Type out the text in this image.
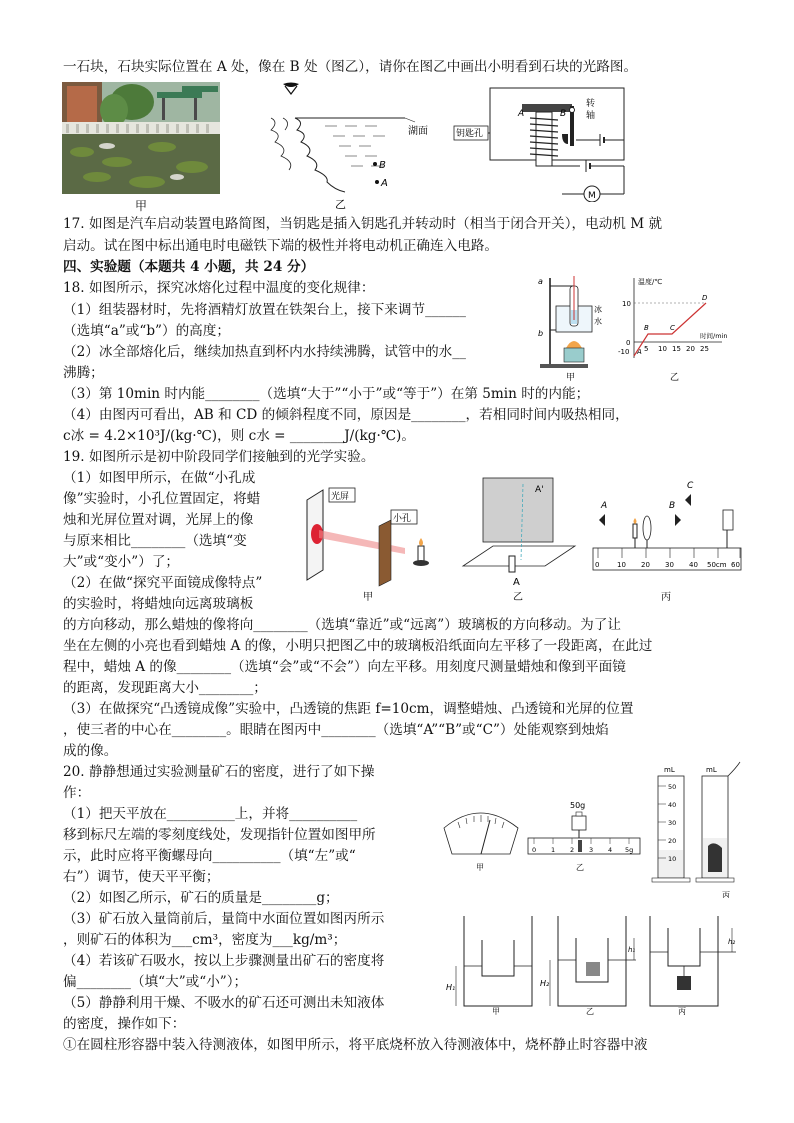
一石块，石块实际位置在 A 处，像在 B 处（图乙），请你在图乙中画出小明看到石块的光路图。
甲
湖面
B
A
乙
钥匙孔
A	B
转
轴
M
17. 如图是汽车启动装置电路简图，当钥匙是插入钥匙孔并转动时（相当于闭合开关），电动机 M 就
启动。试在图中标出通电时电磁铁下端的极性并将电动机正确连入电路。
四、实验题（本题共 4 小题，共 24 分）
18. 如图所示，探究冰熔化过程中温度的变化规律：
（1）组装器材时，先将酒精灯放置在铁架台上，接下来调节______
（选填“a”或“b”）的高度；
（2）冰全部熔化后，继续加热直到杯内水持续沸腾，试管中的水__
沸腾；
a
b
冰
水
甲
温度/℃
时间/min
10
0
-10 5 10 15 20 25
A
B	C
D
乙
（3）第 10min 时内能________（选填“大于”“小于”或“等于”）在第 5min 时的内能；
（4）由图丙可看出，AB 和 CD 的倾斜程度不同，原因是________，若相同时间内吸热相同，
c冰 = 4.2×10³J/(kg·℃)，则 c水 = ________J/(kg·℃)。
19. 如图所示是初中阶段同学们接触到的光学实验。
（1）如图甲所示，在做“小孔成
像”实验时，小孔位置固定，将蜡
烛和光屏位置对调，光屏上的像
与原来相比________（选填“变
大”或“变小”）了；
（2）在做“探究平面镜成像特点”
的实验时，将蜡烛向远离玻璃板
光屏
小孔
甲
A'
A
乙
A	B
C
0	10 20 30 40 50cm 60
丙
的方向移动，那么蜡烛的像将向________（选填“靠近”或“远离”）玻璃板的方向移动。为了让
坐在左侧的小亮也看到蜡烛 A 的像，小明只把图乙中的玻璃板沿纸面向左平移了一段距离，在此过
程中，蜡烛 A 的像________（选填“会”或“不会”）向左平移。用刻度尺测量蜡烛和像到平面镜
的距离，发现距离大小________；
（3）在做探究“凸透镜成像”实验中，凸透镜的焦距 f=10cm，调整蜡烛、凸透镜和光屏的位置
，使三者的中心在________。眼睛在图丙中________（选填“A”“B”或“C”）处能观察到烛焰
成的像。
20. 静静想通过实验测量矿石的密度，进行了如下操
作：
（1）把天平放在__________上，并将__________
移到标尺左端的零刻度线处，发现指针位置如图甲所
示，此时应将平衡螺母向__________（填“左”或“
右”）调节，使天平平衡；
（2）如图乙所示，矿石的质量是________g；
（3）矿石放入量筒前后，量筒中水面位置如图丙所示
，则矿石的体积为___cm³，密度为___kg/m³；
（4）若该矿石吸水，按以上步骤测量出矿石的密度将
偏________（填“大”或“小”）；
（5）静静利用干燥、不吸水的矿石还可测出未知液体
的密度，操作如下：
①在圆柱形容器中装入待测液体，如图甲所示，将平底烧杯放入待测液体中，烧杯静止时容器中液
甲
50g
0 1 2 3 4 5g
乙
mL
50
40
30
20
10
mL
丙
H₁
甲
H₂
h₁
乙
h₂
丙
